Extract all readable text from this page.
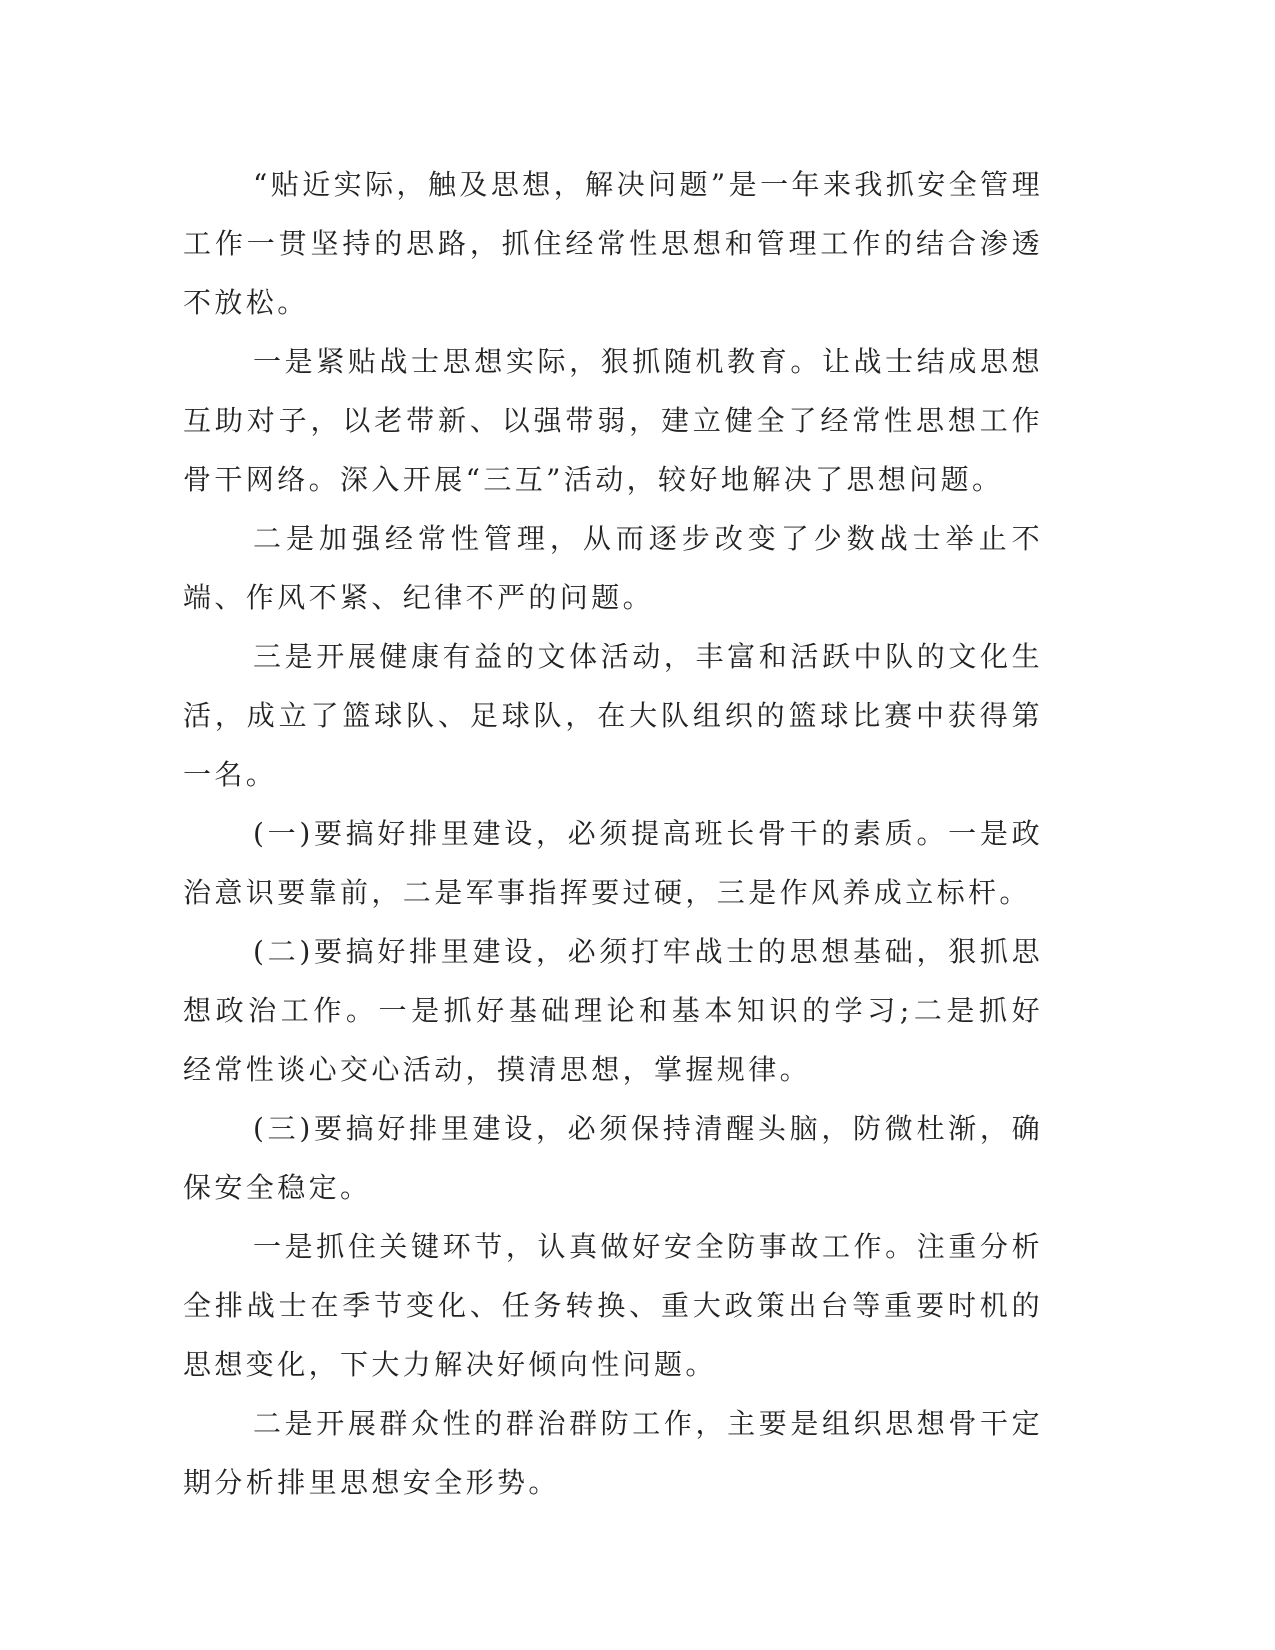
“贴近实际，触及思想，解决问题”是一年来我抓安全管理工作一贯坚持的思路，抓住经常性思想和管理工作的结合渗透不放松。

一是紧贴战士思想实际，狠抓随机教育。让战士结成思想互助对子，以老带新、以强带弱，建立健全了经常性思想工作骨干网络。深入开展“三互”活动，较好地解决了思想问题。

二是加强经常性管理，从而逐步改变了少数战士举止不端、作风不紧、纪律不严的问题。

三是开展健康有益的文体活动，丰富和活跃中队的文化生活，成立了篮球队、足球队，在大队组织的篮球比赛中获得第一名。

(一)要搞好排里建设，必须提高班长骨干的素质。一是政治意识要靠前，二是军事指挥要过硬，三是作风养成立标杆。

(二)要搞好排里建设，必须打牢战士的思想基础，狠抓思想政治工作。一是抓好基础理论和基本知识的学习;二是抓好经常性谈心交心活动，摸清思想，掌握规律。

(三)要搞好排里建设，必须保持清醒头脑，防微杜渐，确保安全稳定。

一是抓住关键环节，认真做好安全防事故工作。注重分析全排战士在季节变化、任务转换、重大政策出台等重要时机的思想变化，下大力解决好倾向性问题。

二是开展群众性的群治群防工作，主要是组织思想骨干定期分析排里思想安全形势。
